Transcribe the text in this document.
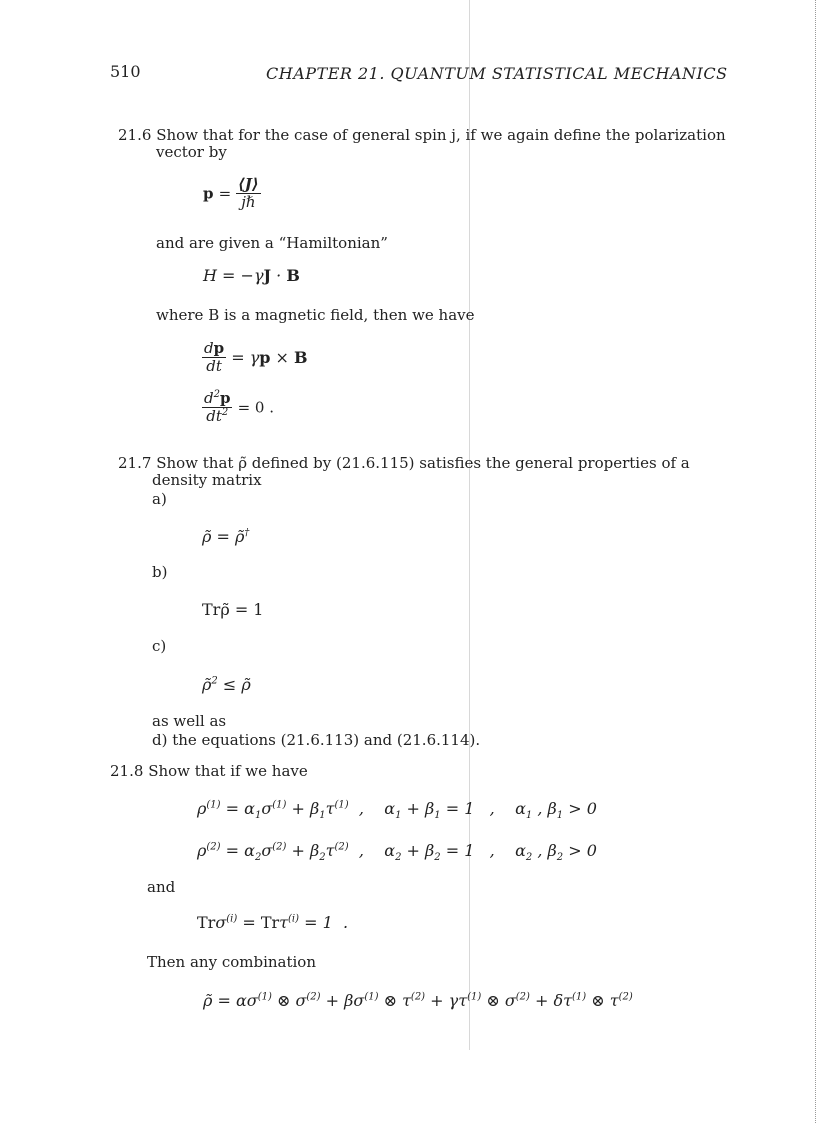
510	CHAPTER 21. QUANTUM STATISTICAL MECHANICS
21.6 Show that for the case of general spin j, if we again define the polarization
vector by
$p = \frac{⟨J⟩}{\text{jℏ}}$
and are given a “Hamiltonian”
H = −γJ · B
where B is a magnetic field, then we have
$\frac{dp}{dt} = \gamma p \times B$
$\frac{d^2p}{dt^2} = 0$ .
21.7 Show that ρ̃ defined by (21.6.115) satisfies the general properties of a
density matrix
a)
ρ̃ = ρ̃†
b)
Trρ̃ = 1
c)
ρ̃$^2$ ≤ ρ̃
as well as
d) the equations (21.6.113) and (21.6.114).
21.8 Show that if we have
$\rho^{(1)} = \alpha_1\sigma^{(1)} + \beta_1\tau^{(1)}$  ,    $\alpha_1 + \beta_1 = 1$   ,    $\alpha_1$ , $\beta_1 > 0$
$\rho^{(2)} = \alpha_2\sigma^{(2)} + \beta_2\tau^{(2)}$  ,    $\alpha_2 + \beta_2 = 1$   ,    $\alpha_2$ , $\beta_2 > 0$
and
Trσ$^{(i)}$ = Trτ$^{(i)}$ = 1  .
Then any combination
ρ̃ = $\alpha\sigma^{(1)}$ ⊗ $\sigma^{(2)} + \beta\sigma^{(1)}$ ⊗ $\tau^{(2)} + \gamma\tau^{(1)}$ ⊗ $\sigma^{(2)} + \delta\tau^{(1)}$ ⊗ $\tau^{(2)}$
